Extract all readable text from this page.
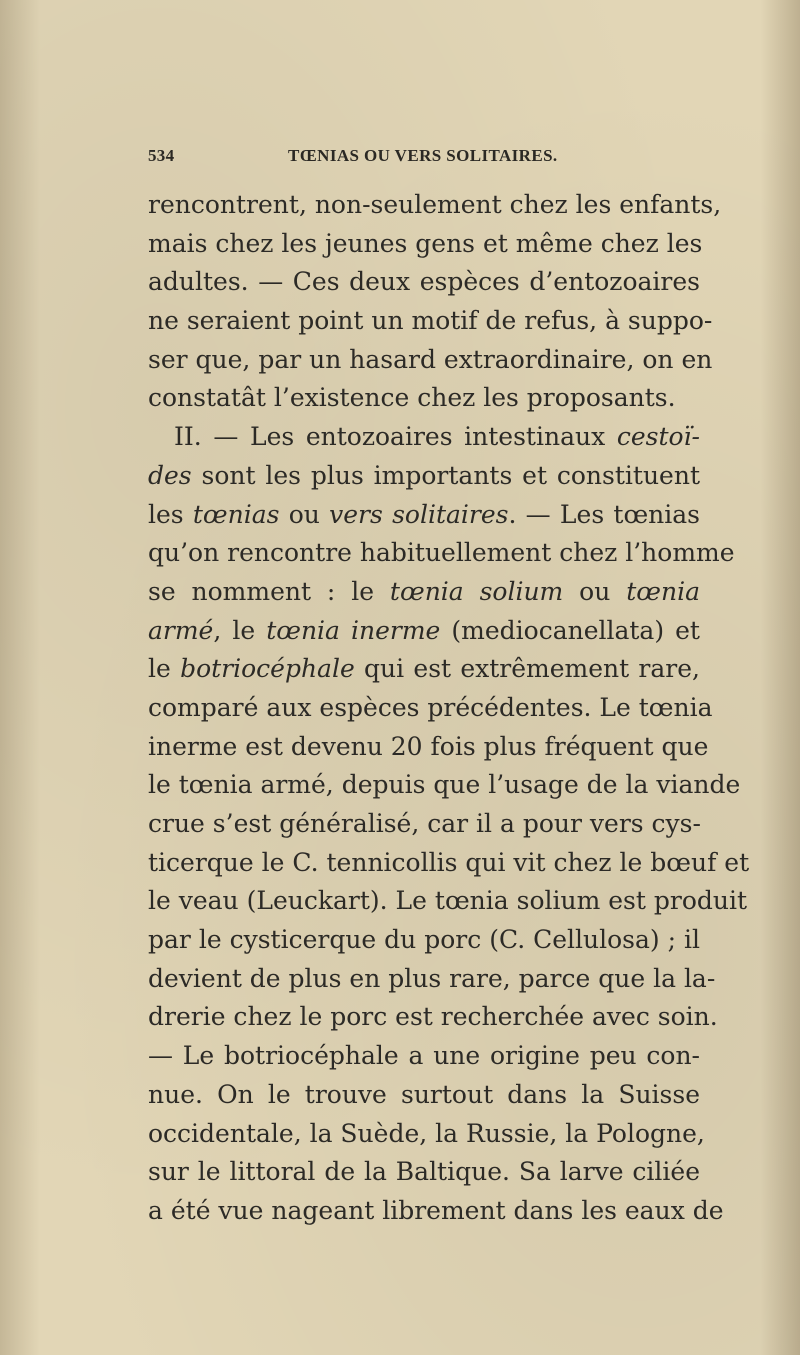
534	TŒNIAS OU VERS SOLITAIRES.
rencontrent, non-seulement chez les enfants,
mais chez les jeunes gens et même chez les
adultes. — Ces deux espèces d’entozoaires
ne seraient point un motif de refus, à suppo-
ser que, par un hasard extraordinaire, on en
constatât l’existence chez les proposants.
II. — Les entozoaires intestinaux cestoï-
des sont les plus importants et constituent
les tœnias ou vers solitaires. — Les tœnias
qu’on rencontre habituellement chez l’homme
se nomment : le tœnia solium ou tœnia
armé, le tœnia inerme (mediocanellata) et
le botriocéphale qui est extrêmement rare,
comparé aux espèces précédentes. Le tœnia
inerme est devenu 20 fois plus fréquent que
le tœnia armé, depuis que l’usage de la viande
crue s’est généralisé, car il a pour vers cys-
ticerque le C. tennicollis qui vit chez le bœuf et
le veau (Leuckart). Le tœnia solium est produit
par le cysticerque du porc (C. Cellulosa) ; il
devient de plus en plus rare, parce que la la-
drerie chez le porc est recherchée avec soin.
— Le botriocéphale a une origine peu con-
nue. On le trouve surtout dans la Suisse
occidentale, la Suède, la Russie, la Pologne,
sur le littoral de la Baltique. Sa larve ciliée
a été vue nageant librement dans les eaux de
